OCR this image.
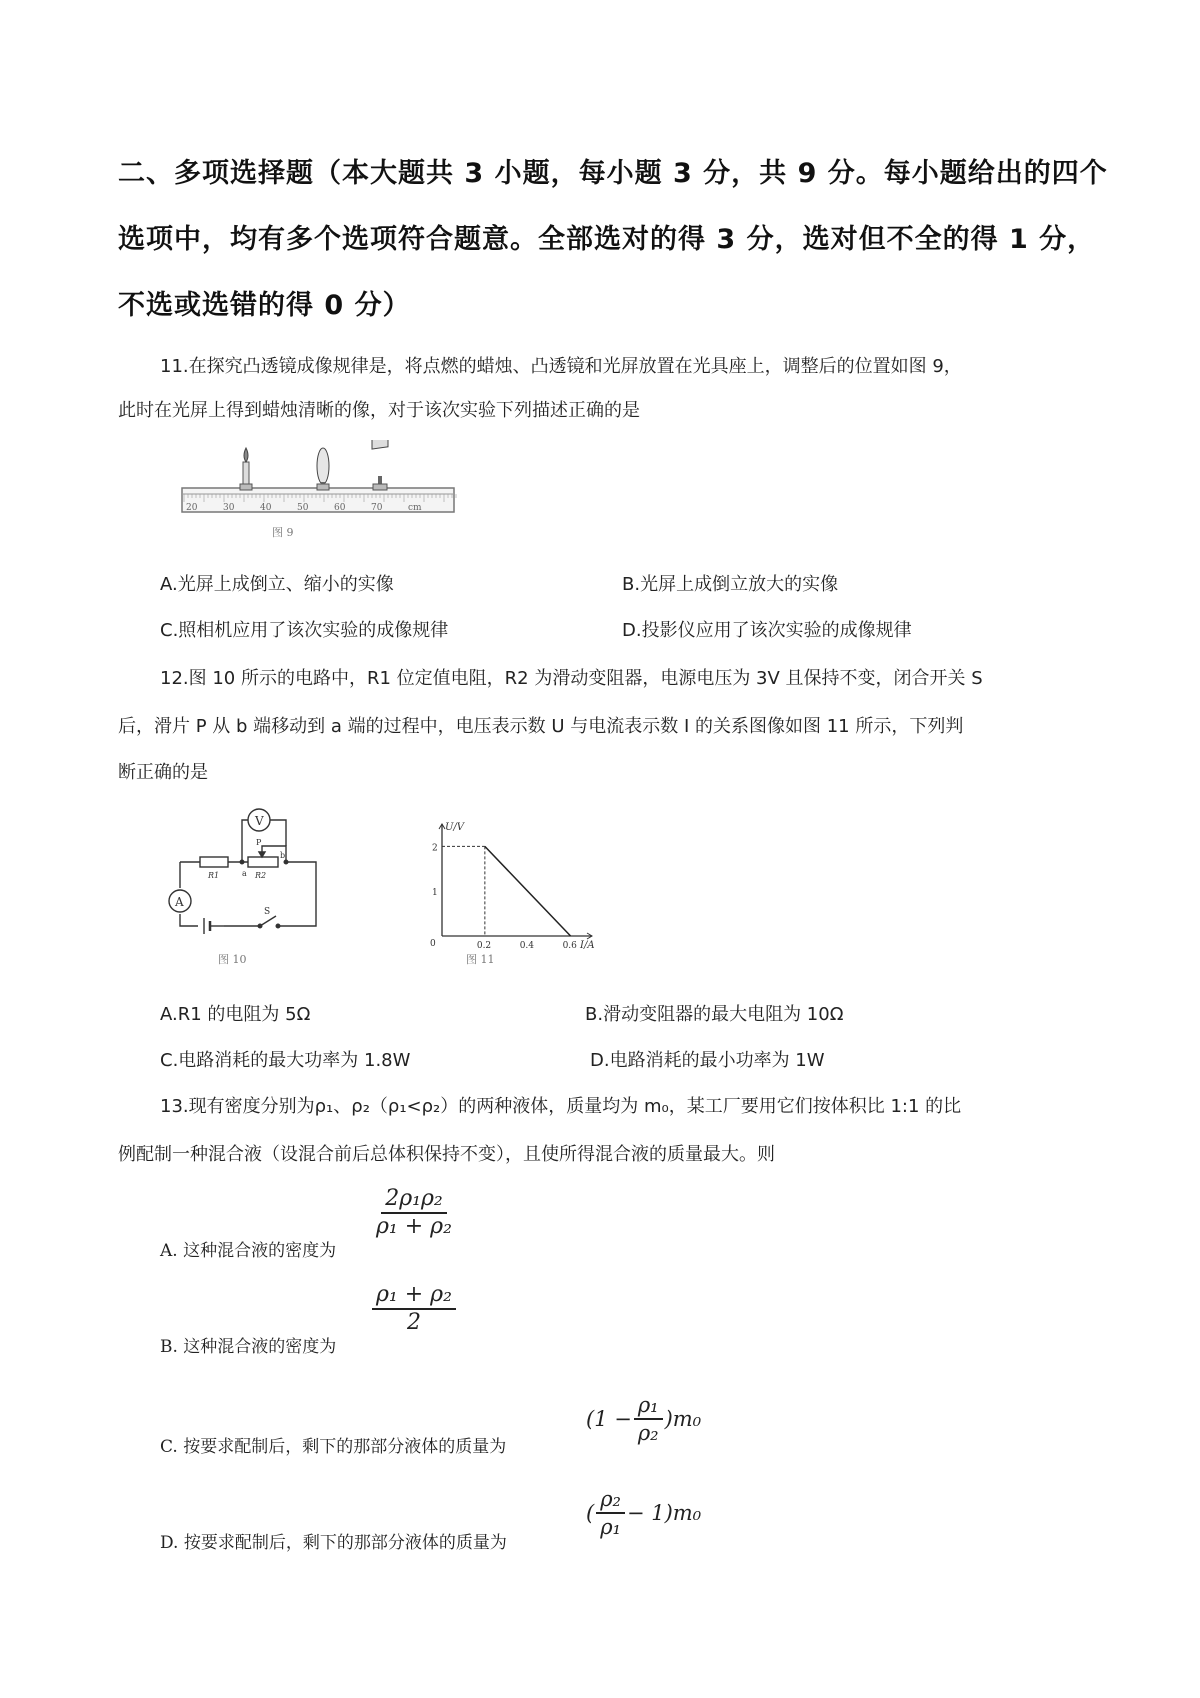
二、多项选择题（本大题共 3 小题，每小题 3 分，共 9 分。每小题给出的四个
选项中，均有多个选项符合题意。全部选对的得 3 分，选对但不全的得 1 分，
不选或选错的得 0 分）
11.在探究凸透镜成像规律是，将点燃的蜡烛、凸透镜和光屏放置在光具座上，调整后的位置如图 9，
此时在光屏上得到蜡烛清晰的像，对于该次实验下列描述正确的是
20	30	40	50	60	70	cm
图 9
A.光屏上成倒立、缩小的实像	B.光屏上成倒立放大的实像
C.照相机应用了该次实验的成像规律	D.投影仪应用了该次实验的成像规律
12.图 10 所示的电路中，R1 位定值电阻，R2 为滑动变阻器，电源电压为 3V 且保持不变，闭合开关 S
后，滑片 P 从 b 端移动到 a 端的过程中，电压表示数 U 与电流表示数 I 的关系图像如图 11 所示，下列判
断正确的是
A
S
R1	R2
a
b
P
V
图 10
U/V
I/A
2
1
0	0.2	0.4	0.6
图 11
A.R1 的电阻为 5Ω	B.滑动变阻器的最大电阻为 10Ω
C.电路消耗的最大功率为 1.8W	D.电路消耗的最小功率为 1W
13.现有密度分别为ρ₁、ρ₂（ρ₁<ρ₂）的两种液体，质量均为 m₀，某工厂要用它们按体积比 1:1 的比
例配制一种混合液（设混合前后总体积保持不变），且使所得混合液的质量最大。则
A. 这种混合液的密度为
$\frac{\text{2ρ₁ρ₂}}{\text{ρ₁ + ρ₂}}$
B. 这种混合液的密度为
$\frac{\text{ρ₁ + ρ₂}}{2}$
C. 按要求配制后，剩下的那部分液体的质量为
$(1 - \frac{\text{ρ₁}}{\text{ρ₂}} )m_0$
D. 按要求配制后，剩下的那部分液体的质量为
( $\frac{\text{ρ₂}}{\text{ρ₁}} - 1)m_0$
